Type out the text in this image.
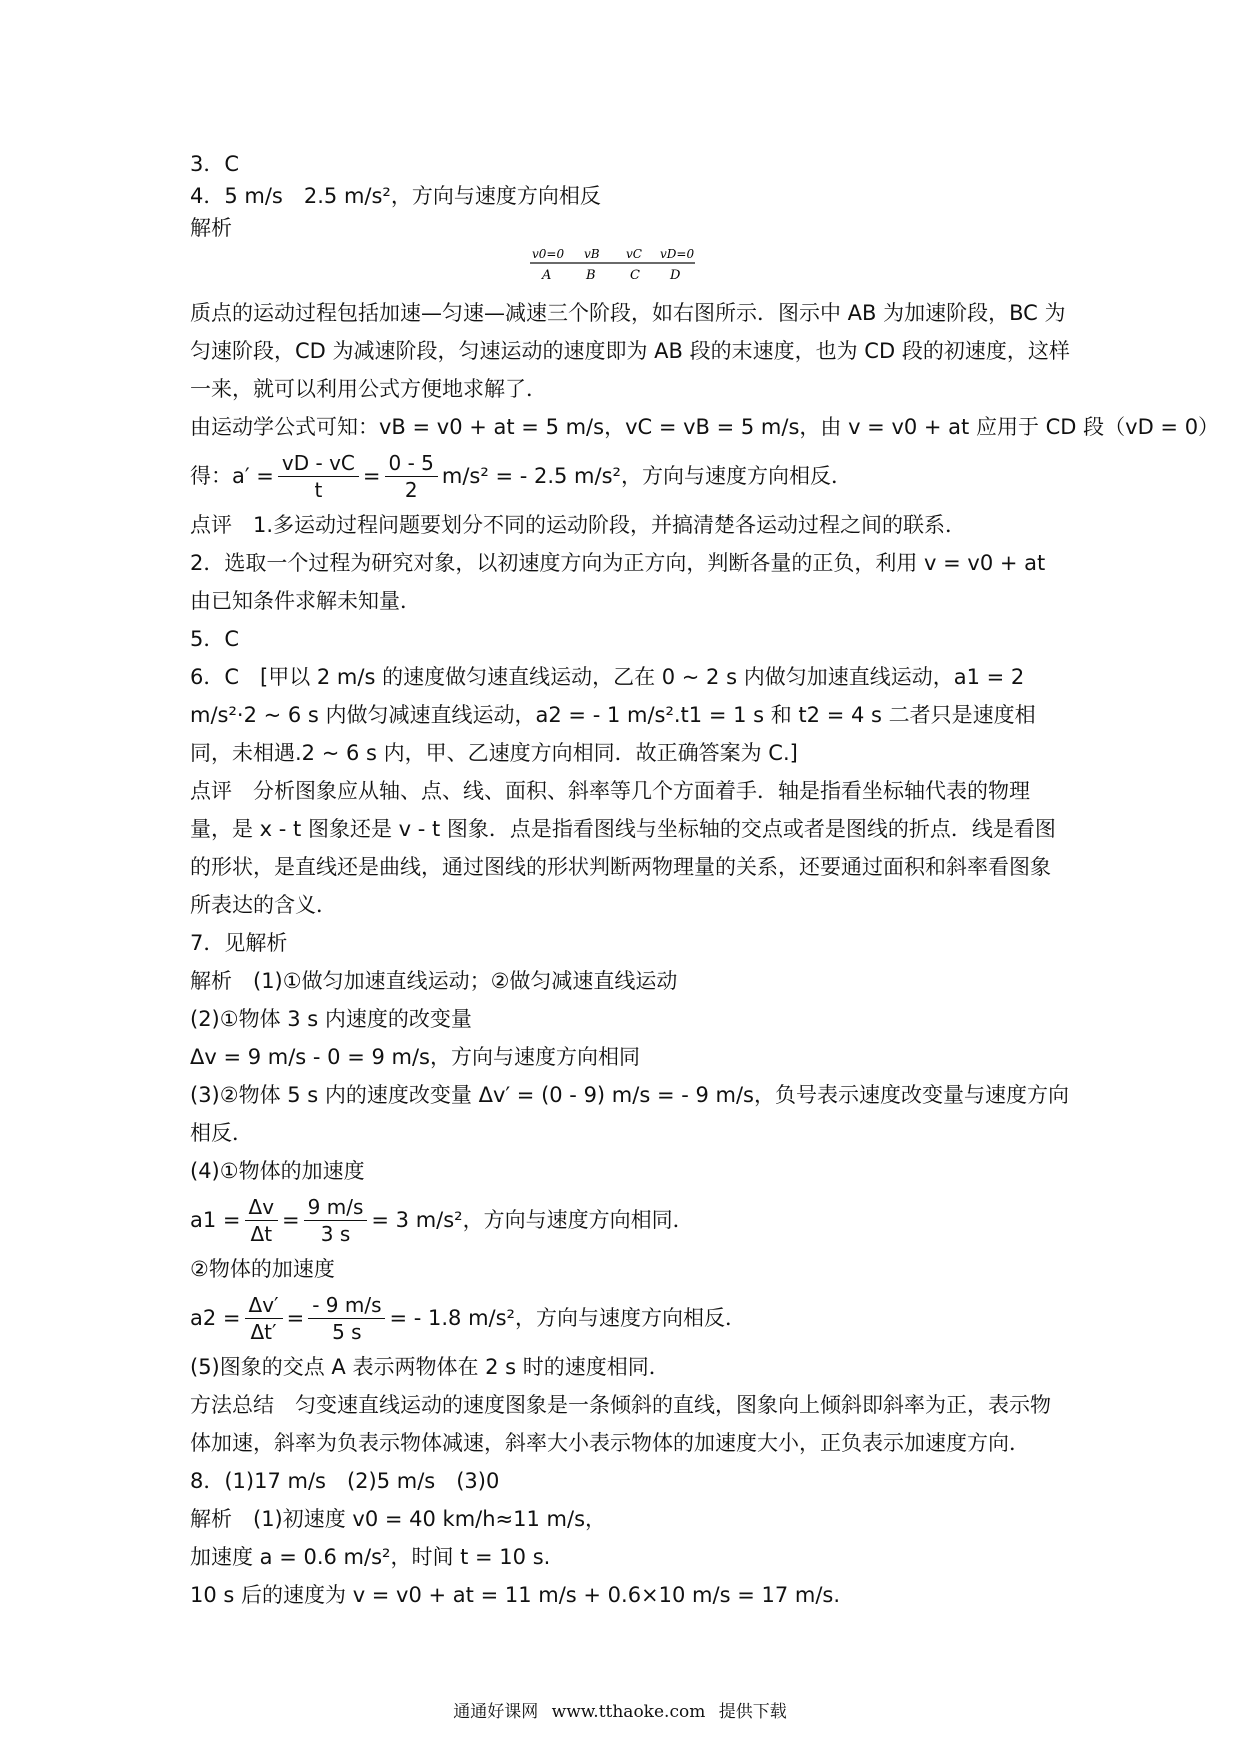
3．C
4．5 m/s　2.5 m/s²，方向与速度方向相反
解析
v0=0 vB vC vD=0
A	B	C D
质点的运动过程包括加速—匀速—减速三个阶段，如右图所示．图示中 AB 为加速阶段，BC 为匀速阶段，CD 为减速阶段，匀速运动的速度即为 AB 段的末速度，也为 CD 段的初速度，这样一来，就可以利用公式方便地求解了．
由运动学公式可知：vB = v0 + at = 5 m/s，vC = vB = 5 m/s，由 v = v0 + at 应用于 CD 段（vD = 0）
得：$a' = \frac{vD - vC}{t} = \frac{0 - 5}{2} m/s^2$ = - 2.5 m/s²，方向与速度方向相反．
点评　1.多运动过程问题要划分不同的运动阶段，并搞清楚各运动过程之间的联系．
2．选取一个过程为研究对象，以初速度方向为正方向，判断各量的正负，利用 v = v0 + at 由已知条件求解未知量．
5．C
6．C　[甲以 2 m/s 的速度做匀速直线运动，乙在 0 ~ 2 s 内做匀加速直线运动，a1 = 2 m/s²·2 ~ 6 s 内做匀减速直线运动，a2 = - 1 m/s².t1 = 1 s 和 t2 = 4 s 二者只是速度相同，未相遇.2 ~ 6 s 内，甲、乙速度方向相同．故正确答案为 C.]
点评　分析图象应从轴、点、线、面积、斜率等几个方面着手．轴是指看坐标轴代表的物理量，是 x - t 图象还是 v - t 图象．点是指看图线与坐标轴的交点或者是图线的折点．线是看图的形状，是直线还是曲线，通过图线的形状判断两物理量的关系，还要通过面积和斜率看图象所表达的含义．
7．见解析
解析　(1)①做匀加速直线运动；②做匀减速直线运动
(2)①物体 3 s 内速度的改变量
Δv = 9 m/s - 0 = 9 m/s，方向与速度方向相同
(3)②物体 5 s 内的速度改变量 Δv′ = (0 - 9) m/s = - 9 m/s，负号表示速度改变量与速度方向相反．
(4)①物体的加速度
$a1 = \frac{\Delta v}{\Delta t} = \frac{9 m/s}{3 s} = 3$ m/s²，方向与速度方向相同．
②物体的加速度
$a2 = \frac{\Delta v'}{\Delta t'} = \frac{- 9 m/s}{5 s}$ = - 1.8 m/s²，方向与速度方向相反．
(5)图象的交点 A 表示两物体在 2 s 时的速度相同．
方法总结　匀变速直线运动的速度图象是一条倾斜的直线，图象向上倾斜即斜率为正，表示物体加速，斜率为负表示物体减速，斜率大小表示物体的加速度大小，正负表示加速度方向．
8．(1)17 m/s　(2)5 m/s　(3)0
解析　(1)初速度 v0 = 40 km/h≈11 m/s，
加速度 a = 0.6 m/s²，时间 t = 10 s.
10 s 后的速度为 v = v0 + at = 11 m/s + 0.6×10 m/s = 17 m/s.
通通好课网 www.tthaoke.com 提供下载
